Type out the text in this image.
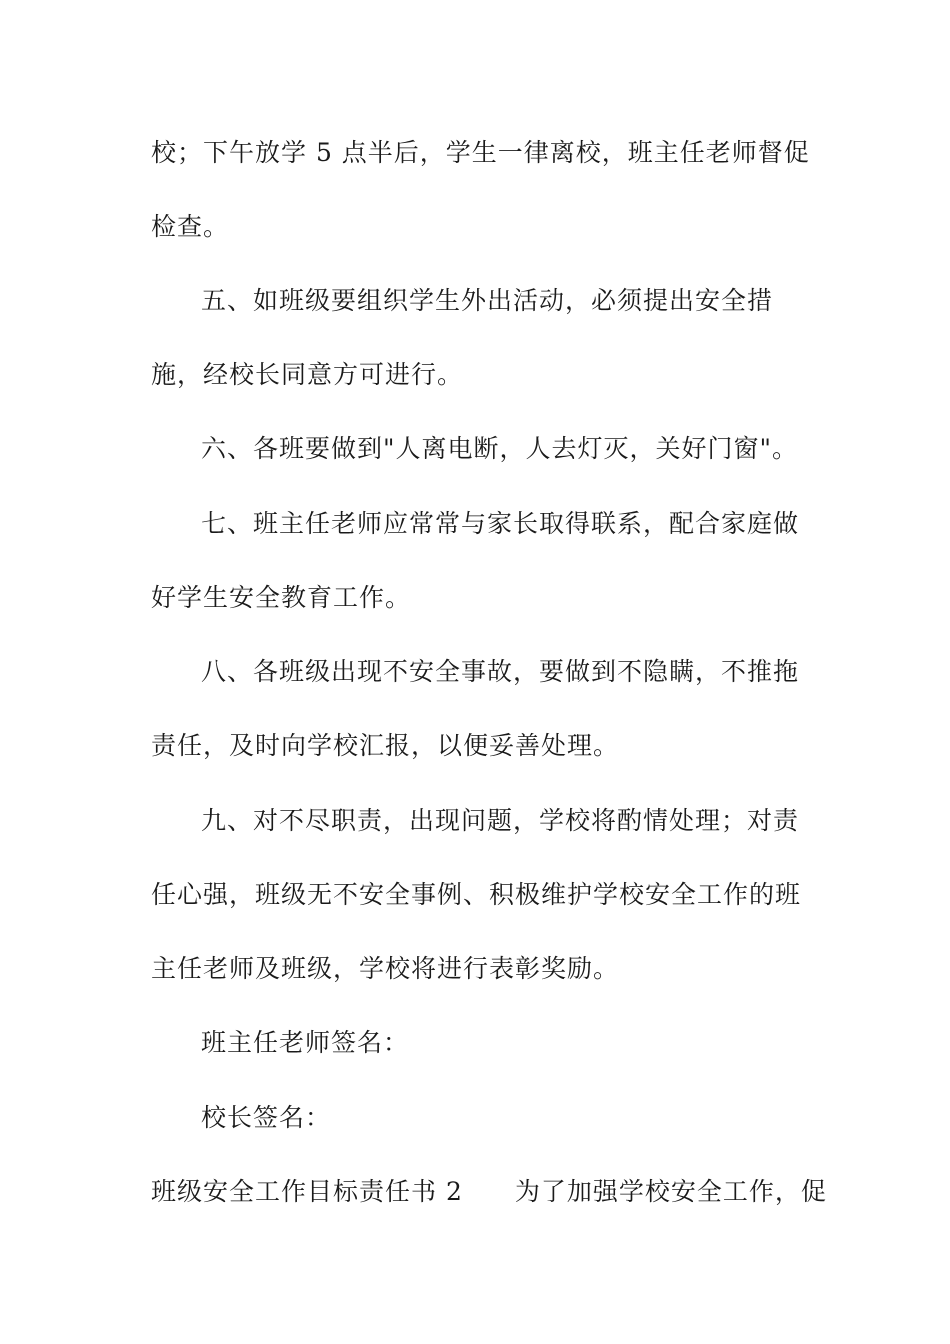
校；下午放学 5 点半后，学生一律离校，班主任老师督促
检查。
五、如班级要组织学生外出活动，必须提出安全措
施，经校长同意方可进行。
六、各班要做到"人离电断，人去灯灭，关好门窗"。
七、班主任老师应常常与家长取得联系，配合家庭做
好学生安全教育工作。
八、各班级出现不安全事故，要做到不隐瞒，不推拖
责任，及时向学校汇报，以便妥善处理。
九、对不尽职责，出现问题，学校将酌情处理；对责
任心强，班级无不安全事例、积极维护学校安全工作的班
主任老师及班级，学校将进行表彰奖励。
班主任老师签名：
校长签名：
班级安全工作目标责任书 2 为了加强学校安全工作，促
